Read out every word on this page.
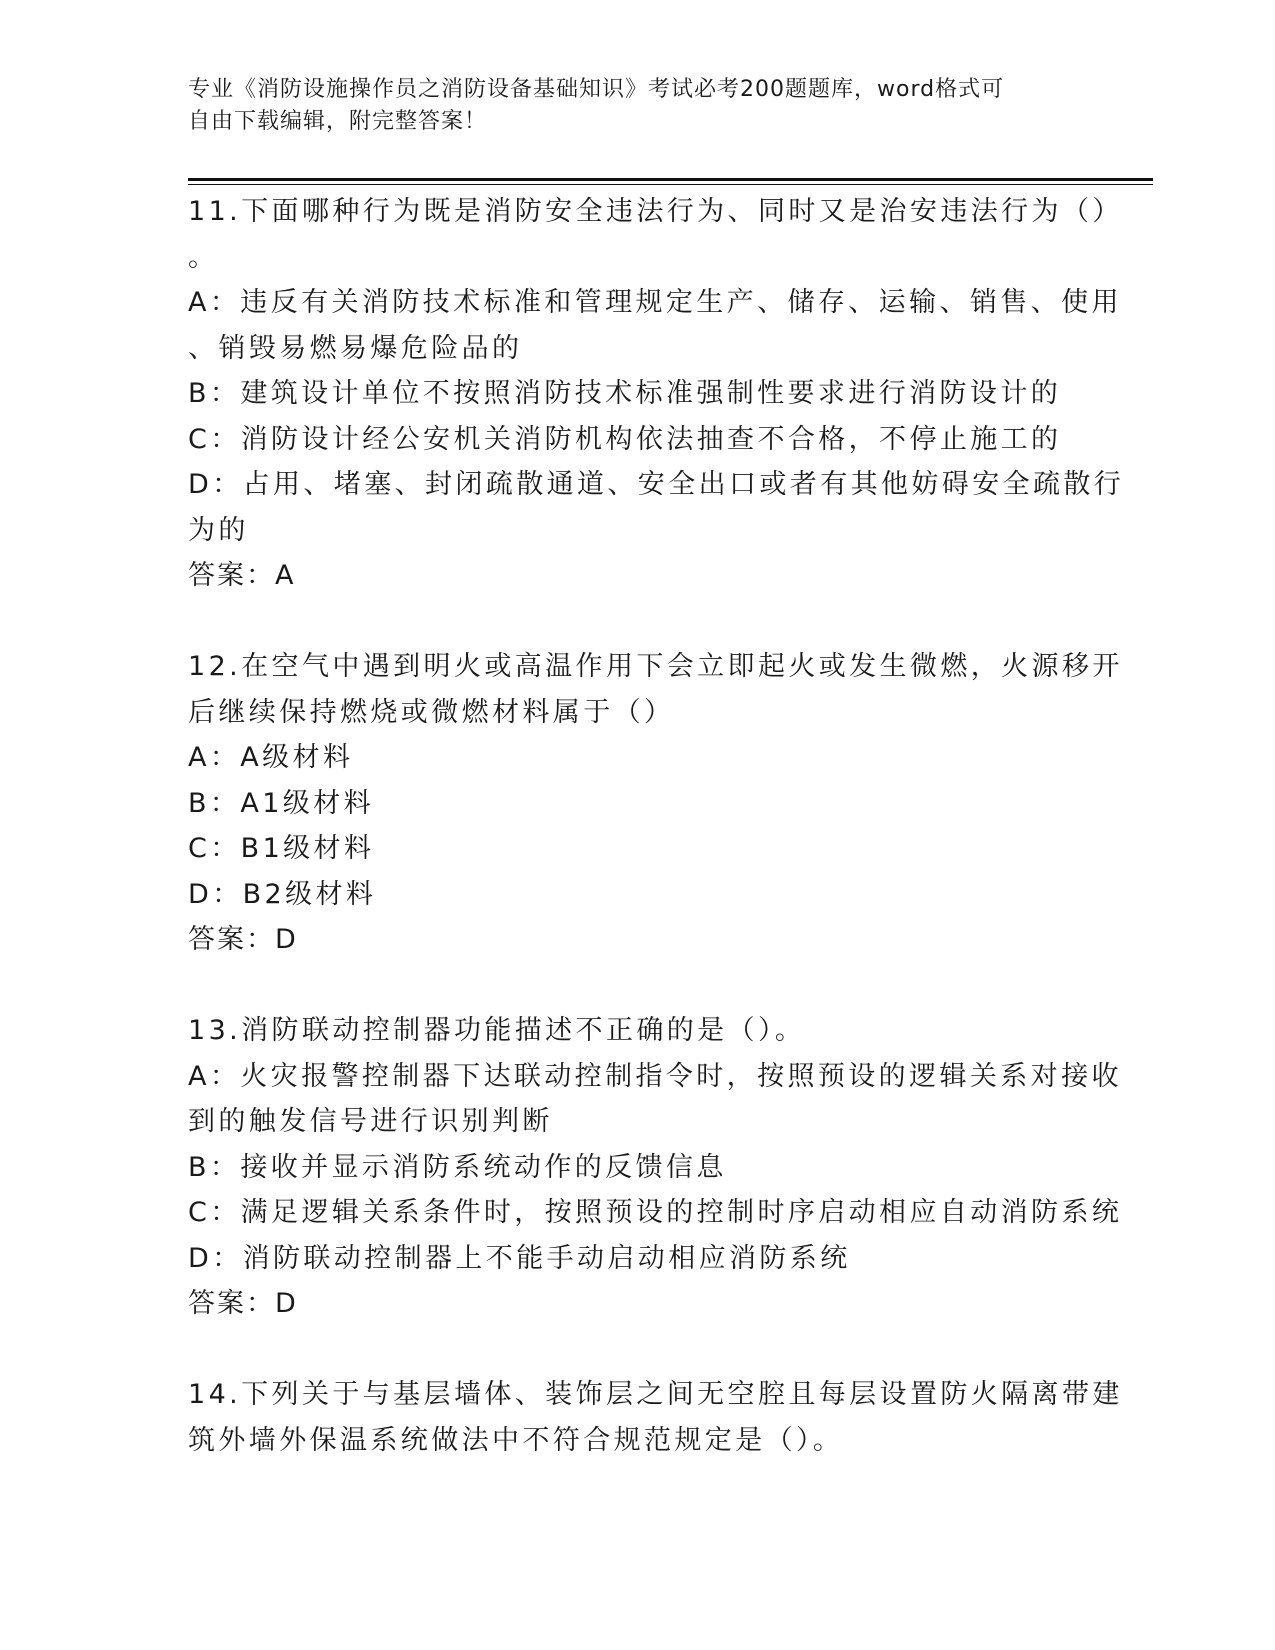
专业《消防设施操作员之消防设备基础知识》考试必考200题题库，word格式可
自由下载编辑，附完整答案！
11.下面哪种行为既是消防安全违法行为、同时又是治安违法行为（）
。
A：违反有关消防技术标准和管理规定生产、储存、运输、销售、使用
、销毁易燃易爆危险品的
B：建筑设计单位不按照消防技术标准强制性要求进行消防设计的
C：消防设计经公安机关消防机构依法抽查不合格，不停止施工的
D：占用、堵塞、封闭疏散通道、安全出口或者有其他妨碍安全疏散行
为的
答案：A
12.在空气中遇到明火或高温作用下会立即起火或发生微燃，火源移开
后继续保持燃烧或微燃材料属于（）
A：A级材料
B：A1级材料
C：B1级材料
D：B2级材料
答案：D
13.消防联动控制器功能描述不正确的是（）。
A：火灾报警控制器下达联动控制指令时，按照预设的逻辑关系对接收
到的触发信号进行识别判断
B：接收并显示消防系统动作的反馈信息
C：满足逻辑关系条件时，按照预设的控制时序启动相应自动消防系统
D：消防联动控制器上不能手动启动相应消防系统
答案：D
14.下列关于与基层墙体、装饰层之间无空腔且每层设置防火隔离带建
筑外墙外保温系统做法中不符合规范规定是（）。
